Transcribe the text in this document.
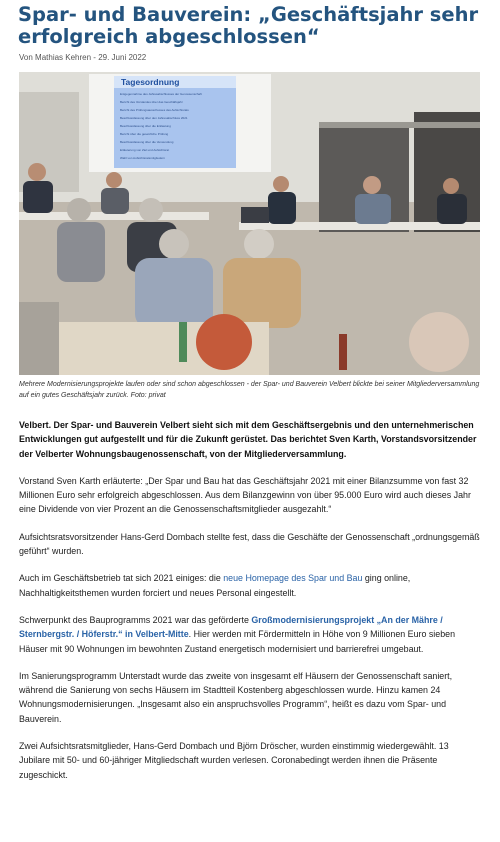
Spar- und Bauverein: „Geschäftsjahr sehr erfolgreich abgeschlossen“
Von Mathias Kehren - 29. Juni 2022
Tagesordnung
Entgegennahme des Jahresabschlusses der Genossenschaft
Bericht des Vorstandes über das Geschäftsjahr
Bericht des Prüfungsausschusses des Aufsichtsrats
Beschlussfassung über den Jahresabschluss 2021
Beschlussfassung über die Entlastung
Bericht über die gesetzliche Prüfung
Beschlussfassung über die Verwendung
Erläuterung von Ziel und Aufsichtsrat
Wahl von Aufsichtsratsmitgliedern
Mehrere Modernisierungsprojekte laufen oder sind schon abgeschlossen - der Spar- und Bauverein Velbert blickte bei seiner Mitgliederversammlung auf ein gutes Geschäftsjahr zurück. Foto: privat

Velbert. Der Spar- und Bauverein Velbert sieht sich mit dem Geschäftsergebnis und den unternehmerischen Entwicklungen gut aufgestellt und für die Zukunft gerüstet. Das berichtet Sven Karth, Vorstandsvorsitzender der Velberter Wohnungsbaugenossenschaft, von der Mitgliederversammlung.

Vorstand Sven Karth erläuterte: „Der Spar und Bau hat das Geschäftsjahr 2021 mit einer Bilanzsumme von fast 32 Millionen Euro sehr erfolgreich abgeschlossen. Aus dem Bilanzgewinn von über 95.000 Euro wird auch dieses Jahr eine Dividende von vier Prozent an die Genossenschaftsmitglieder ausgezahlt.“

Aufsichtsratsvorsitzender Hans-Gerd Dombach stellte fest, dass die Geschäfte der Genossenschaft „ordnungsgemäß geführt“ wurden.

Auch im Geschäftsbetrieb tat sich 2021 einiges: die neue Homepage des Spar und Bau ging online, Nachhaltigkeitsthemen wurden forciert und neues Personal eingestellt.

Schwerpunkt des Bauprogramms 2021 war das geförderte Großmodernisierungsprojekt „An der Mähre / Sternbergstr. / Höferstr.“ in Velbert-Mitte. Hier werden mit Fördermitteln in Höhe von 9 Millionen Euro sieben Häuser mit 90 Wohnungen im bewohnten Zustand energetisch modernisiert und barrierefrei umgebaut.

Im Sanierungsprogramm Unterstadt wurde das zweite von insgesamt elf Häusern der Genossenschaft saniert, während die Sanierung von sechs Häusern im Stadtteil Kostenberg abgeschlossen wurde. Hinzu kamen 24 Wohnungsmodernisierungen. „Insgesamt also ein anspruchsvolles Programm“, heißt es dazu vom Spar- und Bauverein.

Zwei Aufsichtsratsmitglieder, Hans-Gerd Dombach und Björn Dröscher, wurden einstimmig wiedergewählt. 13 Jubilare mit 50- und 60-jähriger Mitgliedschaft wurden verlesen. Coronabedingt werden ihnen die Präsente zugeschickt.
